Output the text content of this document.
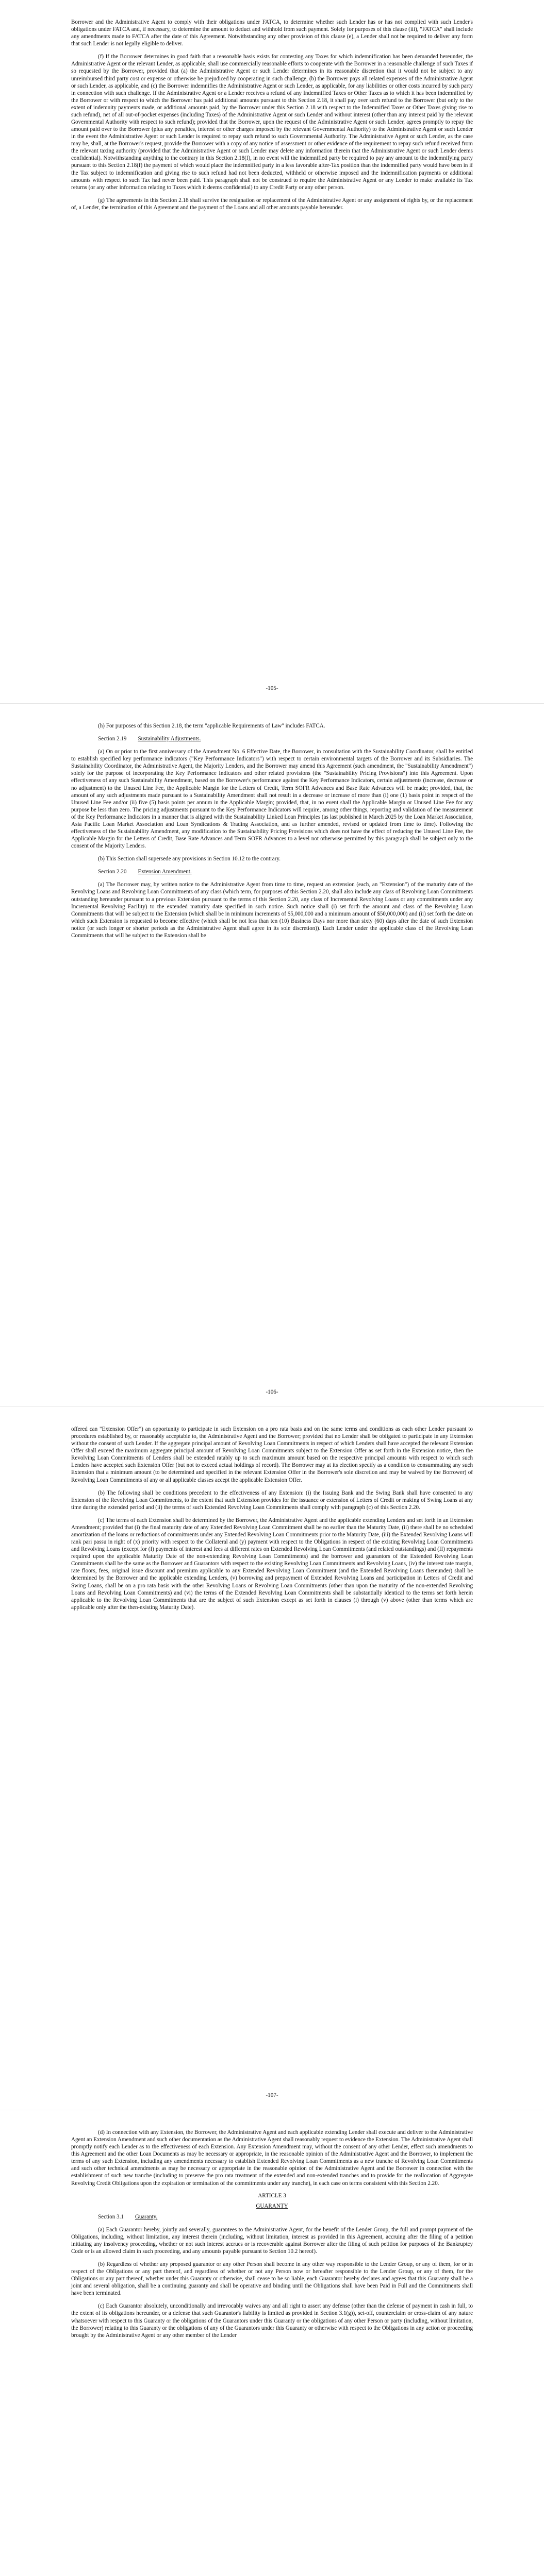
Borrower and the Administrative Agent to comply with their obligations under FATCA, to determine whether such Lender has or has not complied with such Lender's obligations under FATCA and, if necessary, to determine the amount to deduct and withhold from such payment. Solely for purposes of this clause (iii), "FATCA" shall include any amendments made to FATCA after the date of this Agreement. Notwithstanding any other provision of this clause (e), a Lender shall not be required to deliver any form that such Lender is not legally eligible to deliver.

(f) If the Borrower determines in good faith that a reasonable basis exists for contesting any Taxes for which indemnification has been demanded hereunder, the Administrative Agent or the relevant Lender, as applicable, shall use commercially reasonable efforts to cooperate with the Borrower in a reasonable challenge of such Taxes if so requested by the Borrower, provided that (a) the Administrative Agent or such Lender determines in its reasonable discretion that it would not be subject to any unreimbursed third party cost or expense or otherwise be prejudiced by cooperating in such challenge, (b) the Borrower pays all related expenses of the Administrative Agent or such Lender, as applicable, and (c) the Borrower indemnifies the Administrative Agent or such Lender, as applicable, for any liabilities or other costs incurred by such party in connection with such challenge. If the Administrative Agent or a Lender receives a refund of any Indemnified Taxes or Other Taxes as to which it has been indemnified by the Borrower or with respect to which the Borrower has paid additional amounts pursuant to this Section 2.18, it shall pay over such refund to the Borrower (but only to the extent of indemnity payments made, or additional amounts paid, by the Borrower under this Section 2.18 with respect to the Indemnified Taxes or Other Taxes giving rise to such refund), net of all out-of-pocket expenses (including Taxes) of the Administrative Agent or such Lender and without interest (other than any interest paid by the relevant Governmental Authority with respect to such refund); provided that the Borrower, upon the request of the Administrative Agent or such Lender, agrees promptly to repay the amount paid over to the Borrower (plus any penalties, interest or other charges imposed by the relevant Governmental Authority) to the Administrative Agent or such Lender in the event the Administrative Agent or such Lender is required to repay such refund to such Governmental Authority. The Administrative Agent or such Lender, as the case may be, shall, at the Borrower's request, provide the Borrower with a copy of any notice of assessment or other evidence of the requirement to repay such refund received from the relevant taxing authority (provided that the Administrative Agent or such Lender may delete any information therein that the Administrative Agent or such Lender deems confidential). Notwithstanding anything to the contrary in this Section 2.18(f), in no event will the indemnified party be required to pay any amount to the indemnifying party pursuant to this Section 2.18(f) the payment of which would place the indemnified party in a less favorable after-Tax position than the indemnified party would have been in if the Tax subject to indemnification and giving rise to such refund had not been deducted, withheld or otherwise imposed and the indemnification payments or additional amounts with respect to such Tax had never been paid. This paragraph shall not be construed to require the Administrative Agent or any Lender to make available its Tax returns (or any other information relating to Taxes which it deems confidential) to any Credit Party or any other person.

(g) The agreements in this Section 2.18 shall survive the resignation or replacement of the Administrative Agent or any assignment of rights by, or the replacement of, a Lender, the termination of this Agreement and the payment of the Loans and all other amounts payable hereunder.

-105-

(h) For purposes of this Section 2.18, the term "applicable Requirements of Law" includes FATCA.

Section 2.19 Sustainability Adjustments.

(a) On or prior to the first anniversary of the Amendment No. 6 Effective Date, the Borrower, in consultation with the Sustainability Coordinator, shall be entitled to establish specified key performance indicators ("Key Performance Indicators") with respect to certain environmental targets of the Borrower and its Subsidiaries. The Sustainability Coordinator, the Administrative Agent, the Majority Lenders, and the Borrower may amend this Agreement (such amendment, the "Sustainability Amendment") solely for the purpose of incorporating the Key Performance Indicators and other related provisions (the "Sustainability Pricing Provisions") into this Agreement. Upon effectiveness of any such Sustainability Amendment, based on the Borrower's performance against the Key Performance Indicators, certain adjustments (increase, decrease or no adjustment) to the Unused Line Fee, the Applicable Margin for the Letters of Credit, Term SOFR Advances and Base Rate Advances will be made; provided, that, the amount of any such adjustments made pursuant to a Sustainability Amendment shall not result in a decrease or increase of more than (i) one (1) basis point in respect of the Unused Line Fee and/or (ii) five (5) basis points per annum in the Applicable Margin; provided, that, in no event shall the Applicable Margin or Unused Line Fee for any purpose be less than zero. The pricing adjustments pursuant to the Key Performance Indicators will require, among other things, reporting and validation of the measurement of the Key Performance Indicators in a manner that is aligned with the Sustainability Linked Loan Principles (as last published in March 2025 by the Loan Market Association, Asia Pacific Loan Market Association and Loan Syndications & Trading Association, and as further amended, revised or updated from time to time). Following the effectiveness of the Sustainability Amendment, any modification to the Sustainability Pricing Provisions which does not have the effect of reducing the Unused Line Fee, the Applicable Margin for the Letters of Credit, Base Rate Advances and Term SOFR Advances to a level not otherwise permitted by this paragraph shall be subject only to the consent of the Majority Lenders.

(b) This Section shall supersede any provisions in Section 10.12 to the contrary.

Section 2.20 Extension Amendment.

(a) The Borrower may, by written notice to the Administrative Agent from time to time, request an extension (each, an "Extension") of the maturity date of the Revolving Loans and Revolving Loan Commitments of any class (which term, for purposes of this Section 2.20, shall also include any class of Revolving Loan Commitments outstanding hereunder pursuant to a previous Extension pursuant to the terms of this Section 2.20, any class of Incremental Revolving Loans or any commitments under any Incremental Revolving Facility) to the extended maturity date specified in such notice. Such notice shall (i) set forth the amount and class of the Revolving Loan Commitments that will be subject to the Extension (which shall be in minimum increments of $5,000,000 and a minimum amount of $50,000,000) and (ii) set forth the date on which such Extension is requested to become effective (which shall be not less than ten (10) Business Days nor more than sixty (60) days after the date of such Extension notice (or such longer or shorter periods as the Administrative Agent shall agree in its sole discretion)). Each Lender under the applicable class of the Revolving Loan Commitments that will be subject to the Extension shall be

-106-

offered can "Extension Offer") an opportunity to participate in such Extension on a pro rata basis and on the same terms and conditions as each other Lender pursuant to procedures established by, or reasonably acceptable to, the Administrative Agent and the Borrower; provided that no Lender shall be obligated to participate in any Extension without the consent of such Lender. If the aggregate principal amount of Revolving Loan Commitments in respect of which Lenders shall have accepted the relevant Extension Offer shall exceed the maximum aggregate principal amount of Revolving Loan Commitments subject to the Extension Offer as set forth in the Extension notice, then the Revolving Loan Commitments of Lenders shall be extended ratably up to such maximum amount based on the respective principal amounts with respect to which such Lenders have accepted such Extension Offer (but not to exceed actual holdings of record). The Borrower may at its election specify as a condition to consummating any such Extension that a minimum amount (to be determined and specified in the relevant Extension Offer in the Borrower's sole discretion and may be waived by the Borrower) of Revolving Loan Commitments of any or all applicable classes accept the applicable Extension Offer.

(b) The following shall be conditions precedent to the effectiveness of any Extension: (i) the Issuing Bank and the Swing Bank shall have consented to any Extension of the Revolving Loan Commitments, to the extent that such Extension provides for the issuance or extension of Letters of Credit or making of Swing Loans at any time during the extended period and (ii) the terms of such Extended Revolving Loan Commitments shall comply with paragraph (c) of this Section 2.20.

(c) The terms of each Extension shall be determined by the Borrower, the Administrative Agent and the applicable extending Lenders and set forth in an Extension Amendment; provided that (i) the final maturity date of any Extended Revolving Loan Commitment shall be no earlier than the Maturity Date, (ii) there shall be no scheduled amortization of the loans or reductions of commitments under any Extended Revolving Loan Commitments prior to the Maturity Date, (iii) the Extended Revolving Loans will rank pari passu in right of (x) priority with respect to the Collateral and (y) payment with respect to the Obligations in respect of the existing Revolving Loan Commitments and Revolving Loans (except for (I) payments of interest and fees at different rates on Extended Revolving Loan Commitments (and related outstandings) and (II) repayments required upon the applicable Maturity Date of the non-extending Revolving Loan Commitments) and the borrower and guarantors of the Extended Revolving Loan Commitments shall be the same as the Borrower and Guarantors with respect to the existing Revolving Loan Commitments and Revolving Loans, (iv) the interest rate margin, rate floors, fees, original issue discount and premium applicable to any Extended Revolving Loan Commitment (and the Extended Revolving Loans thereunder) shall be determined by the Borrower and the applicable extending Lenders, (v) borrowing and prepayment of Extended Revolving Loans and participation in Letters of Credit and Swing Loans, shall be on a pro rata basis with the other Revolving Loans or Revolving Loan Commitments (other than upon the maturity of the non-extended Revolving Loans and Revolving Loan Commitments) and (vi) the terms of the Extended Revolving Loan Commitments shall be substantially identical to the terms set forth herein applicable to the Revolving Loan Commitments that are the subject of such Extension except as set forth in clauses (i) through (v) above (other than terms which are applicable only after the then-existing Maturity Date).

-107-

(d) In connection with any Extension, the Borrower, the Administrative Agent and each applicable extending Lender shall execute and deliver to the Administrative Agent an Extension Amendment and such other documentation as the Administrative Agent shall reasonably request to evidence the Extension. The Administrative Agent shall promptly notify each Lender as to the effectiveness of each Extension. Any Extension Amendment may, without the consent of any other Lender, effect such amendments to this Agreement and the other Loan Documents as may be necessary or appropriate, in the reasonable opinion of the Administrative Agent and the Borrower, to implement the terms of any such Extension, including any amendments necessary to establish Extended Revolving Loan Commitments as a new tranche of Revolving Loan Commitments and such other technical amendments as may be necessary or appropriate in the reasonable opinion of the Administrative Agent and the Borrower in connection with the establishment of such new tranche (including to preserve the pro rata treatment of the extended and non-extended tranches and to provide for the reallocation of Aggregate Revolving Credit Obligations upon the expiration or termination of the commitments under any tranche), in each case on terms consistent with this Section 2.20.

ARTICLE 3
GUARANTY
Section 3.1 Guaranty.

(a) Each Guarantor hereby, jointly and severally, guarantees to the Administrative Agent, for the benefit of the Lender Group, the full and prompt payment of the Obligations, including, without limitation, any interest therein (including, without limitation, interest as provided in this Agreement, accruing after the filing of a petition initiating any insolvency proceeding, whether or not such interest accrues or is recoverable against Borrower after the filing of such petition for purposes of the Bankruptcy Code or is an allowed claim in such proceeding, and any amounts payable pursuant to Section 10.2 hereof).

(b) Regardless of whether any proposed guarantor or any other Person shall become in any other way responsible to the Lender Group, or any of them, for or in respect of the Obligations or any part thereof, and regardless of whether or not any Person now or hereafter responsible to the Lender Group, or any of them, for the Obligations or any part thereof, whether under this Guaranty or otherwise, shall cease to be so liable, each Guarantor hereby declares and agrees that this Guaranty shall be a joint and several obligation, shall be a continuing guaranty and shall be operative and binding until the Obligations shall have been Paid in Full and the Commitments shall have been terminated.

(c) Each Guarantor absolutely, unconditionally and irrevocably waives any and all right to assert any defense (other than the defense of payment in cash in full, to the extent of its obligations hereunder, or a defense that such Guarantor's liability is limited as provided in Section 3.1(g)), set-off, counterclaim or cross-claim of any nature whatsoever with respect to this Guaranty or the obligations of the Guarantors under this Guaranty or the obligations of any other Person or party (including, without limitation, the Borrower) relating to this Guaranty or the obligations of any of the Guarantors under this Guaranty or otherwise with respect to the Obligations in any action or proceeding brought by the Administrative Agent or any other member of the Lender
